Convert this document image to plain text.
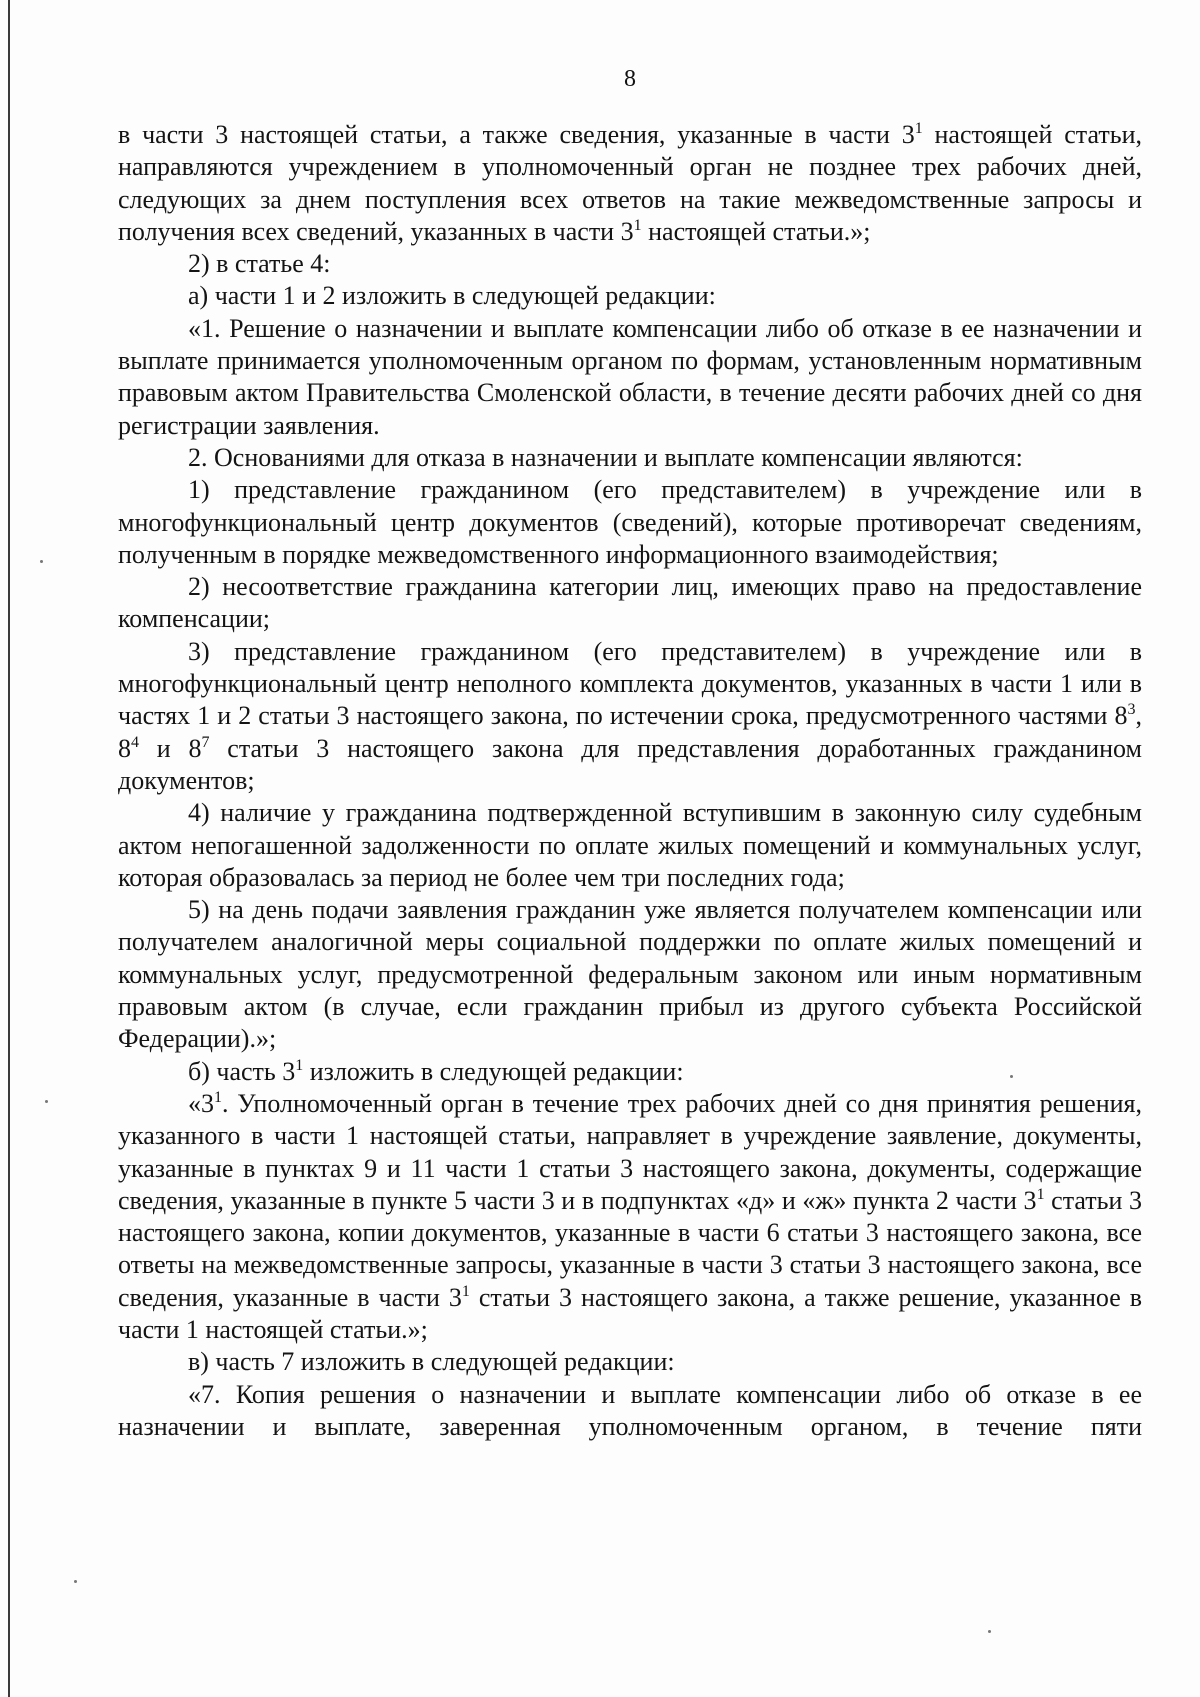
8

в части 3 настоящей статьи, а также сведения, указанные в части $3^1$ настоящей статьи, направляются учреждением в уполномоченный орган не позднее трех рабочих дней, следующих за днем поступления всех ответов на такие межведомственные запросы и получения всех сведений, указанных в части $3^1$ настоящей статьи.»;

2) в статье 4:

а) части 1 и 2 изложить в следующей редакции:

«1. Решение о назначении и выплате компенсации либо об отказе в ее назначении и выплате принимается уполномоченным органом по формам, установленным нормативным правовым актом Правительства Смоленской области, в течение десяти рабочих дней со дня регистрации заявления.

2. Основаниями для отказа в назначении и выплате компенсации являются:

1) представление гражданином (его представителем) в учреждение или в многофункциональный центр документов (сведений), которые противоречат сведениям, полученным в порядке межведомственного информационного взаимодействия;

2) несоответствие гражданина категории лиц, имеющих право на предоставление компенсации;

3) представление гражданином (его представителем) в учреждение или в многофункциональный центр неполного комплекта документов, указанных в части 1 или в частях 1 и 2 статьи 3 настоящего закона, по истечении срока, предусмотренного частями $8^3$, $8^4$ и $8^7$ статьи 3 настоящего закона для представления доработанных гражданином документов;

4) наличие у гражданина подтвержденной вступившим в законную силу судебным актом непогашенной задолженности по оплате жилых помещений и коммунальных услуг, которая образовалась за период не более чем три последних года;

5) на день подачи заявления гражданин уже является получателем компенсации или получателем аналогичной меры социальной поддержки по оплате жилых помещений и коммунальных услуг, предусмотренной федеральным законом или иным нормативным правовым актом (в случае, если гражданин прибыл из другого субъекта Российской Федерации).»;

б) часть $3^1$ изложить в следующей редакции:

«$3^1$. Уполномоченный орган в течение трех рабочих дней со дня принятия решения, указанного в части 1 настоящей статьи, направляет в учреждение заявление, документы, указанные в пунктах 9 и 11 части 1 статьи 3 настоящего закона, документы, содержащие сведения, указанные в пункте 5 части 3 и в подпунктах «д» и «ж» пункта 2 части $3^1$ статьи 3 настоящего закона, копии документов, указанные в части 6 статьи 3 настоящего закона, все ответы на межведомственные запросы, указанные в части 3 статьи 3 настоящего закона, все сведения, указанные в части $3^1$ статьи 3 настоящего закона, а также решение, указанное в части 1 настоящей статьи.»;

в) часть 7 изложить в следующей редакции:

«7. Копия решения о назначении и выплате компенсации либо об отказе в ее назначении и выплате, заверенная уполномоченным органом, в течение пяти
